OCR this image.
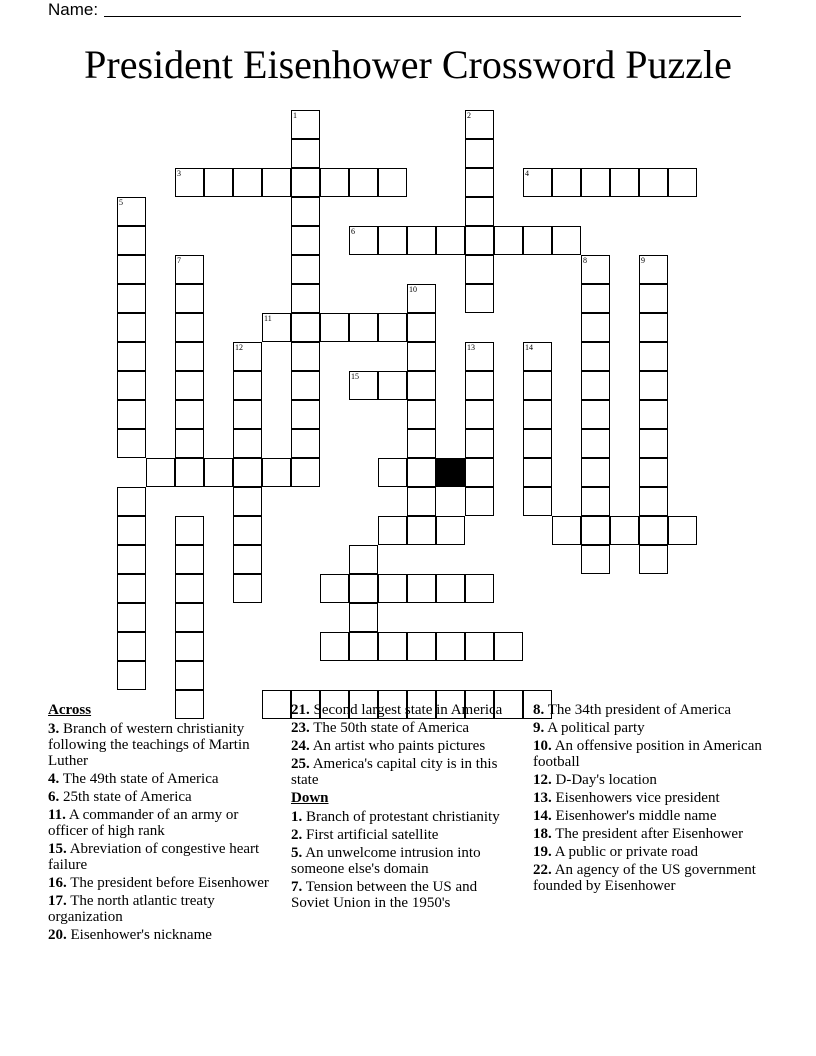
Name:
President Eisenhower Crossword Puzzle
1	2
3	4
5
6
7	8	9
10
11
12	13	14
15
Across
3. Branch of western christianity following the teachings of Martin Luther
4. The 49th state of America
6. 25th state of America
11. A commander of an army or officer of high rank
15. Abreviation of congestive heart failure
16. The president before Eisenhower
17. The north atlantic treaty organization
20. Eisenhower's nickname
21. Second largest state in America
23. The 50th state of America
24. An artist who paints pictures
25. America's capital city is in this state
Down
1. Branch of protestant christianity
2. First artificial satellite
5. An unwelcome intrusion into someone else's domain
7. Tension between the US and Soviet Union in the 1950's
8. The 34th president of America
9. A political party
10. An offensive position in American football
12. D-Day's location
13. Eisenhowers vice president
14. Eisenhower's middle name
18. The president after Eisenhower
19. A public or private road
22. An agency of the US government founded by Eisenhower
